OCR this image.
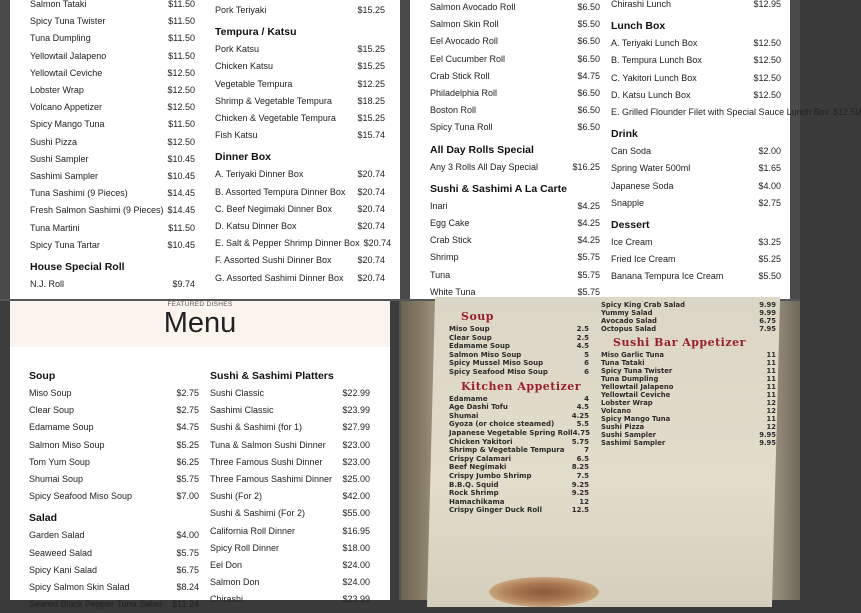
Salmon Tataki	$11.50
Spicy Tuna Twister	$11.50
Tuna Dumpling	$11.50
Yellowtail Jalapeno	$11.50
Yellowtail Ceviche	$12.50
Lobster Wrap	$12.50
Volcano Appetizer	$12.50
Spicy Mango Tuna	$11.50
Sushi Pizza	$12.50
Sushi Sampler	$10.45
Sashimi Sampler	$10.45
Tuna Sashimi (9 Pieces)	$14.45
Fresh Salmon Sashimi (9 Pieces) $14.45
Tuna Martini	$11.50
Spicy Tuna Tartar	$10.45
House Special Roll
N.J. Roll	$9.74
Pork Teriyaki	$15.25
Tempura / Katsu
Pork Katsu	$15.25
Chicken Katsu	$15.25
Vegetable Tempura	$12.25
Shrimp & Vegetable Tempura	$18.25
Chicken & Vegetable Tempura	$15.25
Fish Katsu	$15.74
Dinner Box
A. Teriyaki Dinner Box	$20.74
B. Assorted Tempura Dinner Box	$20.74
C. Beef Negimaki Dinner Box	$20.74
D. Katsu Dinner Box	$20.74
E. Salt & Pepper Shrimp Dinner Box $20.74
F. Assorted Sushi Dinner Box	$20.74
G. Assorted Sashimi Dinner Box	$20.74
Salmon Avocado Roll	$6.50
Salmon Skin Roll	$5.50
Eel Avocado Roll	$6.50
Eel Cucumber Roll	$6.50
Crab Stick Roll	$4.75
Philadelphia Roll	$6.50
Boston Roll	$6.50
Spicy Tuna Roll	$6.50
All Day Rolls Special
Any 3 Rolls All Day Special	$16.25
Sushi & Sashimi A La Carte
Inari	$4.25
Egg Cake	$4.25
Crab Stick	$4.25
Shrimp	$5.75
Tuna	$5.75
White Tuna	$5.75
Chirashi Lunch	$12.95
Lunch Box
A. Teriyaki Lunch Box	$12.50
B. Tempura Lunch Box	$12.50
C. Yakitori Lunch Box	$12.50
D. Katsu Lunch Box	$12.50
E. Grilled Flounder Filet with Special Sauce Lunch Box $12.50
Drink
Can Soda	$2.00
Spring Water 500ml	$1.65
Japanese Soda	$4.00
Snapple	$2.75
Dessert
Ice Cream	$3.25
Fried Ice Cream	$5.25
Banana Tempura Ice Cream	$5.50
FEATURED DISHES
Menu
Soup
Miso Soup	$2.75
Clear Soup	$2.75
Edamame Soup	$4.75
Salmon Miso Soup	$5.25
Tom Yum Soup	$6.25
Shumai Soup	$5.75
Spicy Seafood Miso Soup	$7.00
Salad
Garden Salad	$4.00
Seaweed Salad	$5.75
Spicy Kani Salad	$6.75
Spicy Salmon Skin Salad	$8.24
Seared Black Pepper Tuna Salad	$11.24
Sushi & Sashimi Platters
Sushi Classic	$22.99
Sashimi Classic	$23.99
Sushi & Sashimi (for 1)	$27.99
Tuna & Salmon Sushi Dinner	$23.00
Three Famous Sushi Dinner	$23.00
Three Famous Sashimi Dinner	$25.00
Sushi (For 2)	$42.00
Sushi & Sashimi (For 2)	$55.00
California Roll Dinner	$16.95
Spicy Roll Dinner	$18.00
Eel Don	$24.00
Salmon Don	$24.00
Chirashi	$23.99
Soup
Miso Soup	2.5
Clear Soup	2.5
Edamame Soup	4.5
Salmon Miso Soup	5
Spicy Mussel Miso Soup	6
Spicy Seafood Miso Soup	6
Kitchen Appetizer
Edamame	4
Age Dashi Tofu	4.5
Shumai	4.25
Gyoza (or choice steamed)	5.5
Japanese Vegetable Spring Roll 4.75
Chicken Yakitori	5.75
Shrimp & Vegetable Tempura	7
Crispy Calamari	6.5
Beef Negimaki	8.25
Crispy Jumbo Shrimp	7.5
B.B.Q. Squid	9.25
Rock Shrimp	9.25
Hamachikama	12
Crispy Ginger Duck Roll	12.5
Spicy King Crab Salad	9.99
Yummy Salad	9.99
Avocado Salad	6.75
Octopus Salad	7.95
Sushi Bar Appetizer
Miso Garlic Tuna	11
Tuna Tataki	11
Spicy Tuna Twister	11
Tuna Dumpling	11
Yellowtail Jalapeno	11
Yellowtail Ceviche	11
Lobster Wrap	12
Volcano	12
Spicy Mango Tuna	11
Sushi Pizza	12
Sushi Sampler	9.95
Sashimi Sampler	9.95
